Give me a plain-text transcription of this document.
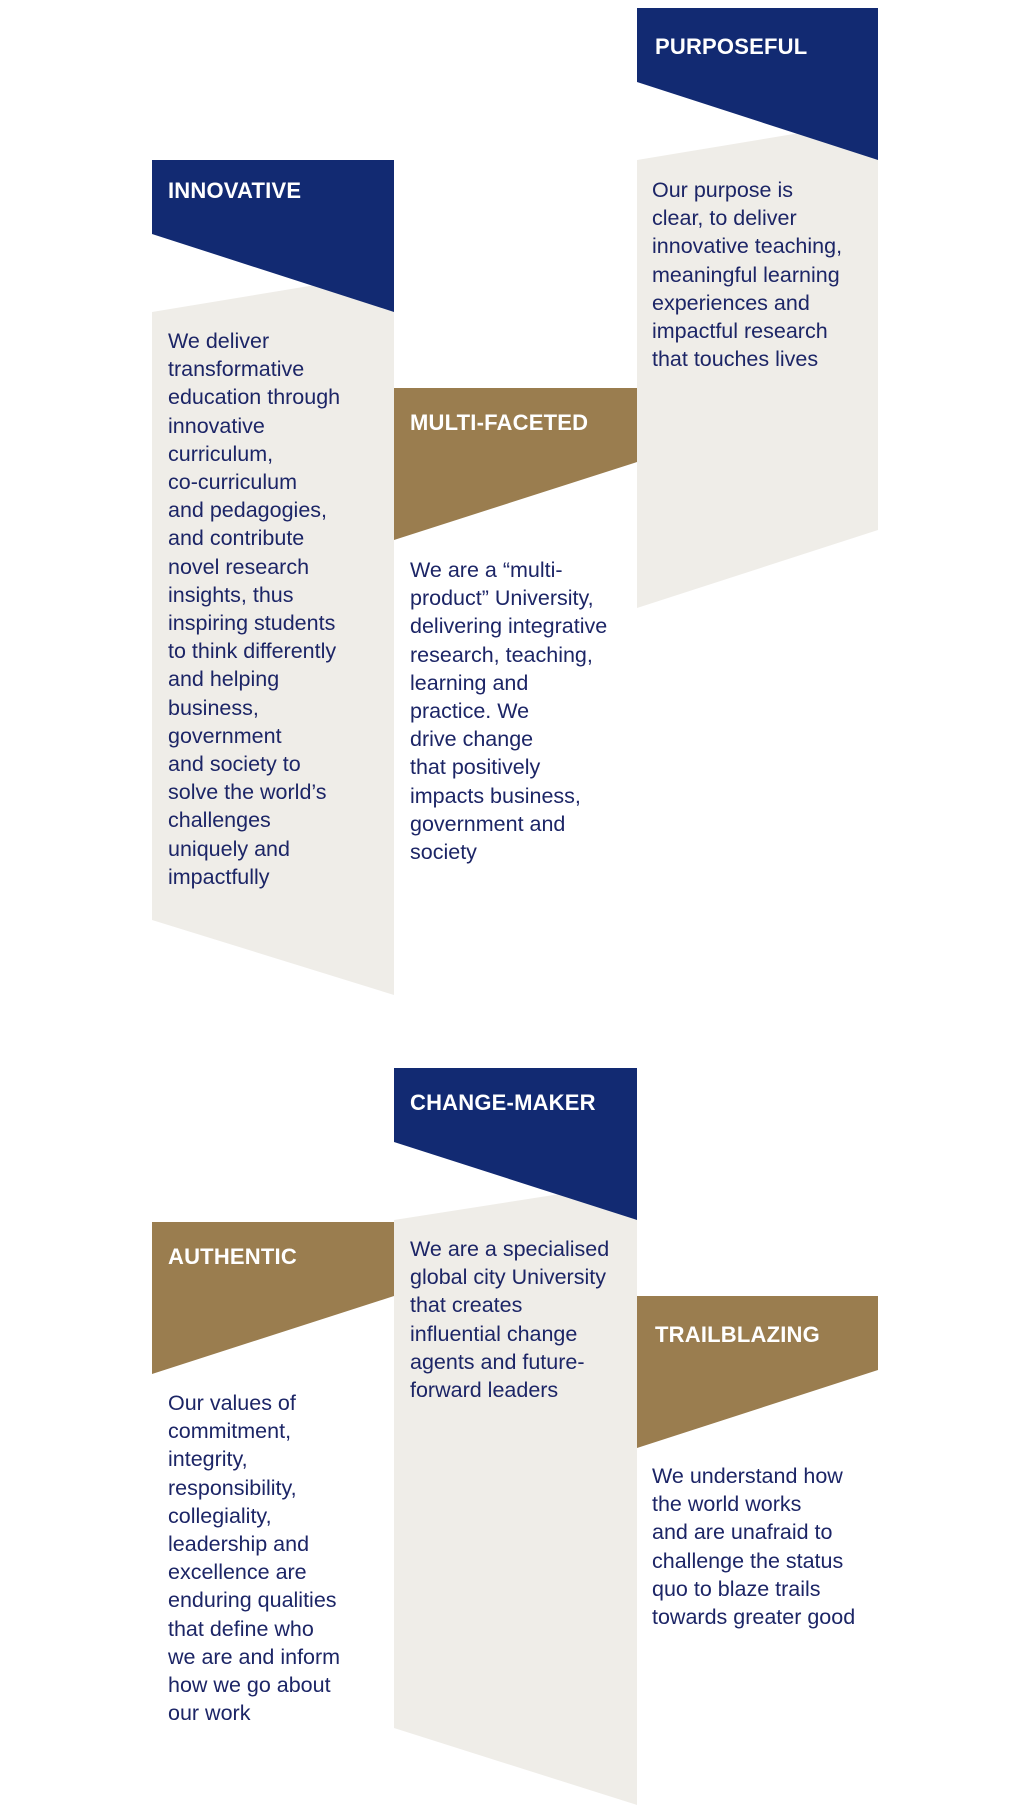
PURPOSEFUL
Our purpose is
clear, to deliver
innovative teaching,
meaningful learning
experiences and
impactful research
that touches lives
INNOVATIVE
We deliver
transformative
education through
innovative
curriculum,
co-curriculum
and pedagogies,
and contribute
novel research
insights, thus
inspiring students
to think differently
and helping
business,
government
and society to
solve the world’s
challenges
uniquely and
impactfully
MULTI-FACETED
We are a “multi-
product” University,
delivering integrative
research, teaching,
learning and
practice. We
drive change
that positively
impacts business,
government and
society
CHANGE-MAKER
We are a specialised
global city University
that creates
influential change
agents and future-
forward leaders
AUTHENTIC
Our values of
commitment,
integrity,
responsibility,
collegiality,
leadership and
excellence are
enduring qualities
that define who
we are and inform
how we go about
our work
TRAILBLAZING
We understand how
the world works
and are unafraid to
challenge the status
quo to blaze trails
towards greater good
